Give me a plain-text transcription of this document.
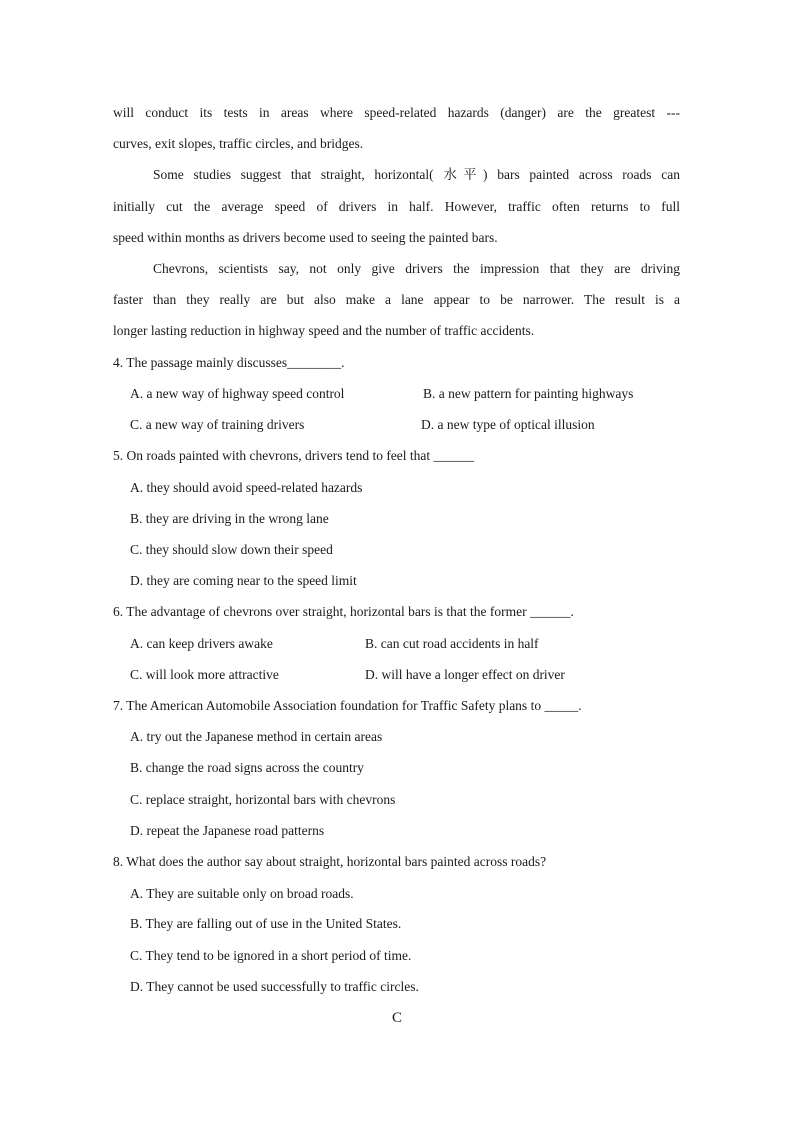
will conduct its tests in areas where speed-related hazards (danger) are the greatest ---
curves, exit slopes, traffic circles, and bridges.
Some studies suggest that straight, horizontal( 水平) bars painted across roads can
initially cut the average speed of drivers in half. However, traffic often returns to full
speed within months as drivers become used to seeing the painted bars.
Chevrons, scientists say, not only give drivers the impression that they are driving
faster than they really are but also make a lane appear to be narrower. The result is a
longer lasting reduction in highway speed and the number of traffic accidents.
4. The passage mainly discusses________.
A. a new way of highway speed control	B. a new pattern for painting highways
C. a new way of training drivers	D. a new type of optical illusion
5. On roads painted with chevrons, drivers tend to feel that ______
A. they should avoid speed-related hazards
B. they are driving in the wrong lane
C. they should slow down their speed
D. they are coming near to the speed limit
6. The advantage of chevrons over straight, horizontal bars is that the former ______.
A. can keep drivers awake	B. can cut road accidents in half
C. will look more attractive	D. will have a longer effect on driver
7. The American Automobile Association foundation for Traffic Safety plans to _____.
A. try out the Japanese method in certain areas
B. change the road signs across the country
C. replace straight, horizontal bars with chevrons
D. repeat the Japanese road patterns
8. What does the author say about straight, horizontal bars painted across roads?
A. They are suitable only on broad roads.
B. They are falling out of use in the United States.
C. They tend to be ignored in a short period of time.
D. They cannot be used successfully to traffic circles.
C
